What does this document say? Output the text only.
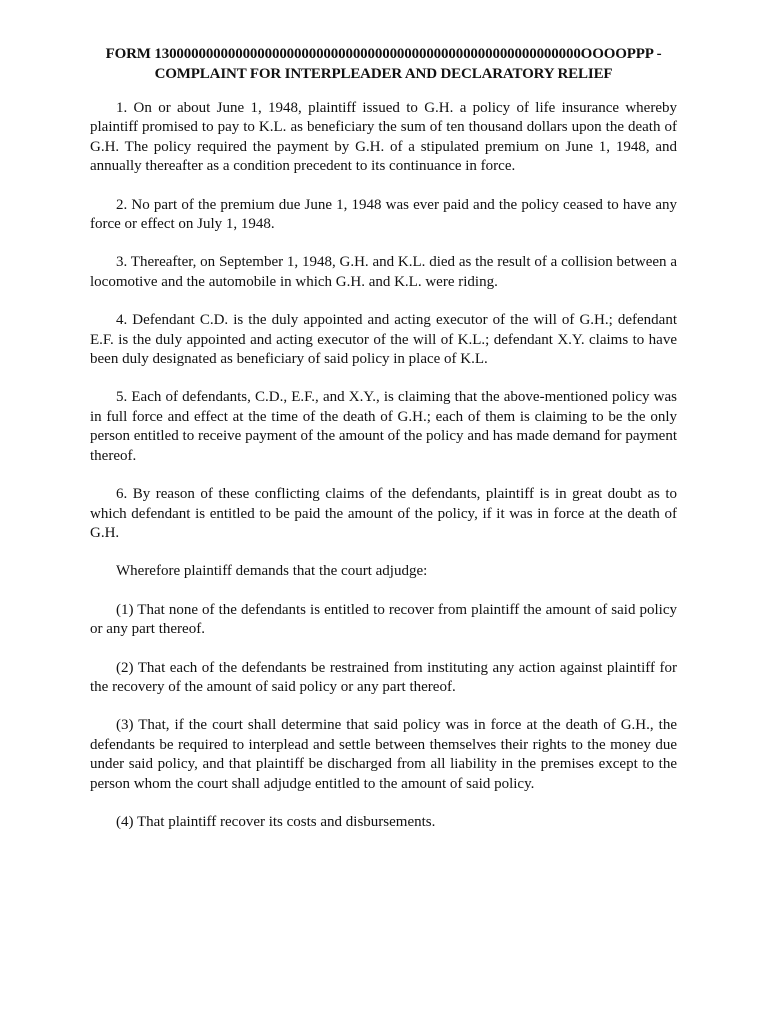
FORM 1300000000000000000000000000000000000000000000000000000000OOOOPPP -
COMPLAINT FOR INTERPLEADER AND DECLARATORY RELIEF

1. On or about June 1, 1948, plaintiff issued to G.H. a policy of life insurance whereby plaintiff promised to pay to K.L. as beneficiary the sum of ten thousand dollars upon the death of G.H. The policy required the payment by G.H. of a stipulated premium on June 1, 1948, and annually thereafter as a condition precedent to its continuance in force.

2. No part of the premium due June 1, 1948 was ever paid and the policy ceased to have any force or effect on July 1, 1948.

3. Thereafter, on September 1, 1948, G.H. and K.L. died as the result of a collision between a locomotive and the automobile in which G.H. and K.L. were riding.

4. Defendant C.D. is the duly appointed and acting executor of the will of G.H.; defendant E.F. is the duly appointed and acting executor of the will of K.L.; defendant X.Y. claims to have been duly designated as beneficiary of said policy in place of K.L.

5. Each of defendants, C.D., E.F., and X.Y., is claiming that the above-mentioned policy was in full force and effect at the time of the death of G.H.; each of them is claiming to be the only person entitled to receive payment of the amount of the policy and has made demand for payment thereof.

6. By reason of these conflicting claims of the defendants, plaintiff is in great doubt as to which defendant is entitled to be paid the amount of the policy, if it was in force at the death of G.H.

Wherefore plaintiff demands that the court adjudge:

(1) That none of the defendants is entitled to recover from plaintiff the amount of said policy or any part thereof.

(2) That each of the defendants be restrained from instituting any action against plaintiff for the recovery of the amount of said policy or any part thereof.

(3) That, if the court shall determine that said policy was in force at the death of G.H., the defendants be required to interplead and settle between themselves their rights to the money due under said policy, and that plaintiff be discharged from all liability in the premises except to the person whom the court shall adjudge entitled to the amount of said policy.

(4) That plaintiff recover its costs and disbursements.
